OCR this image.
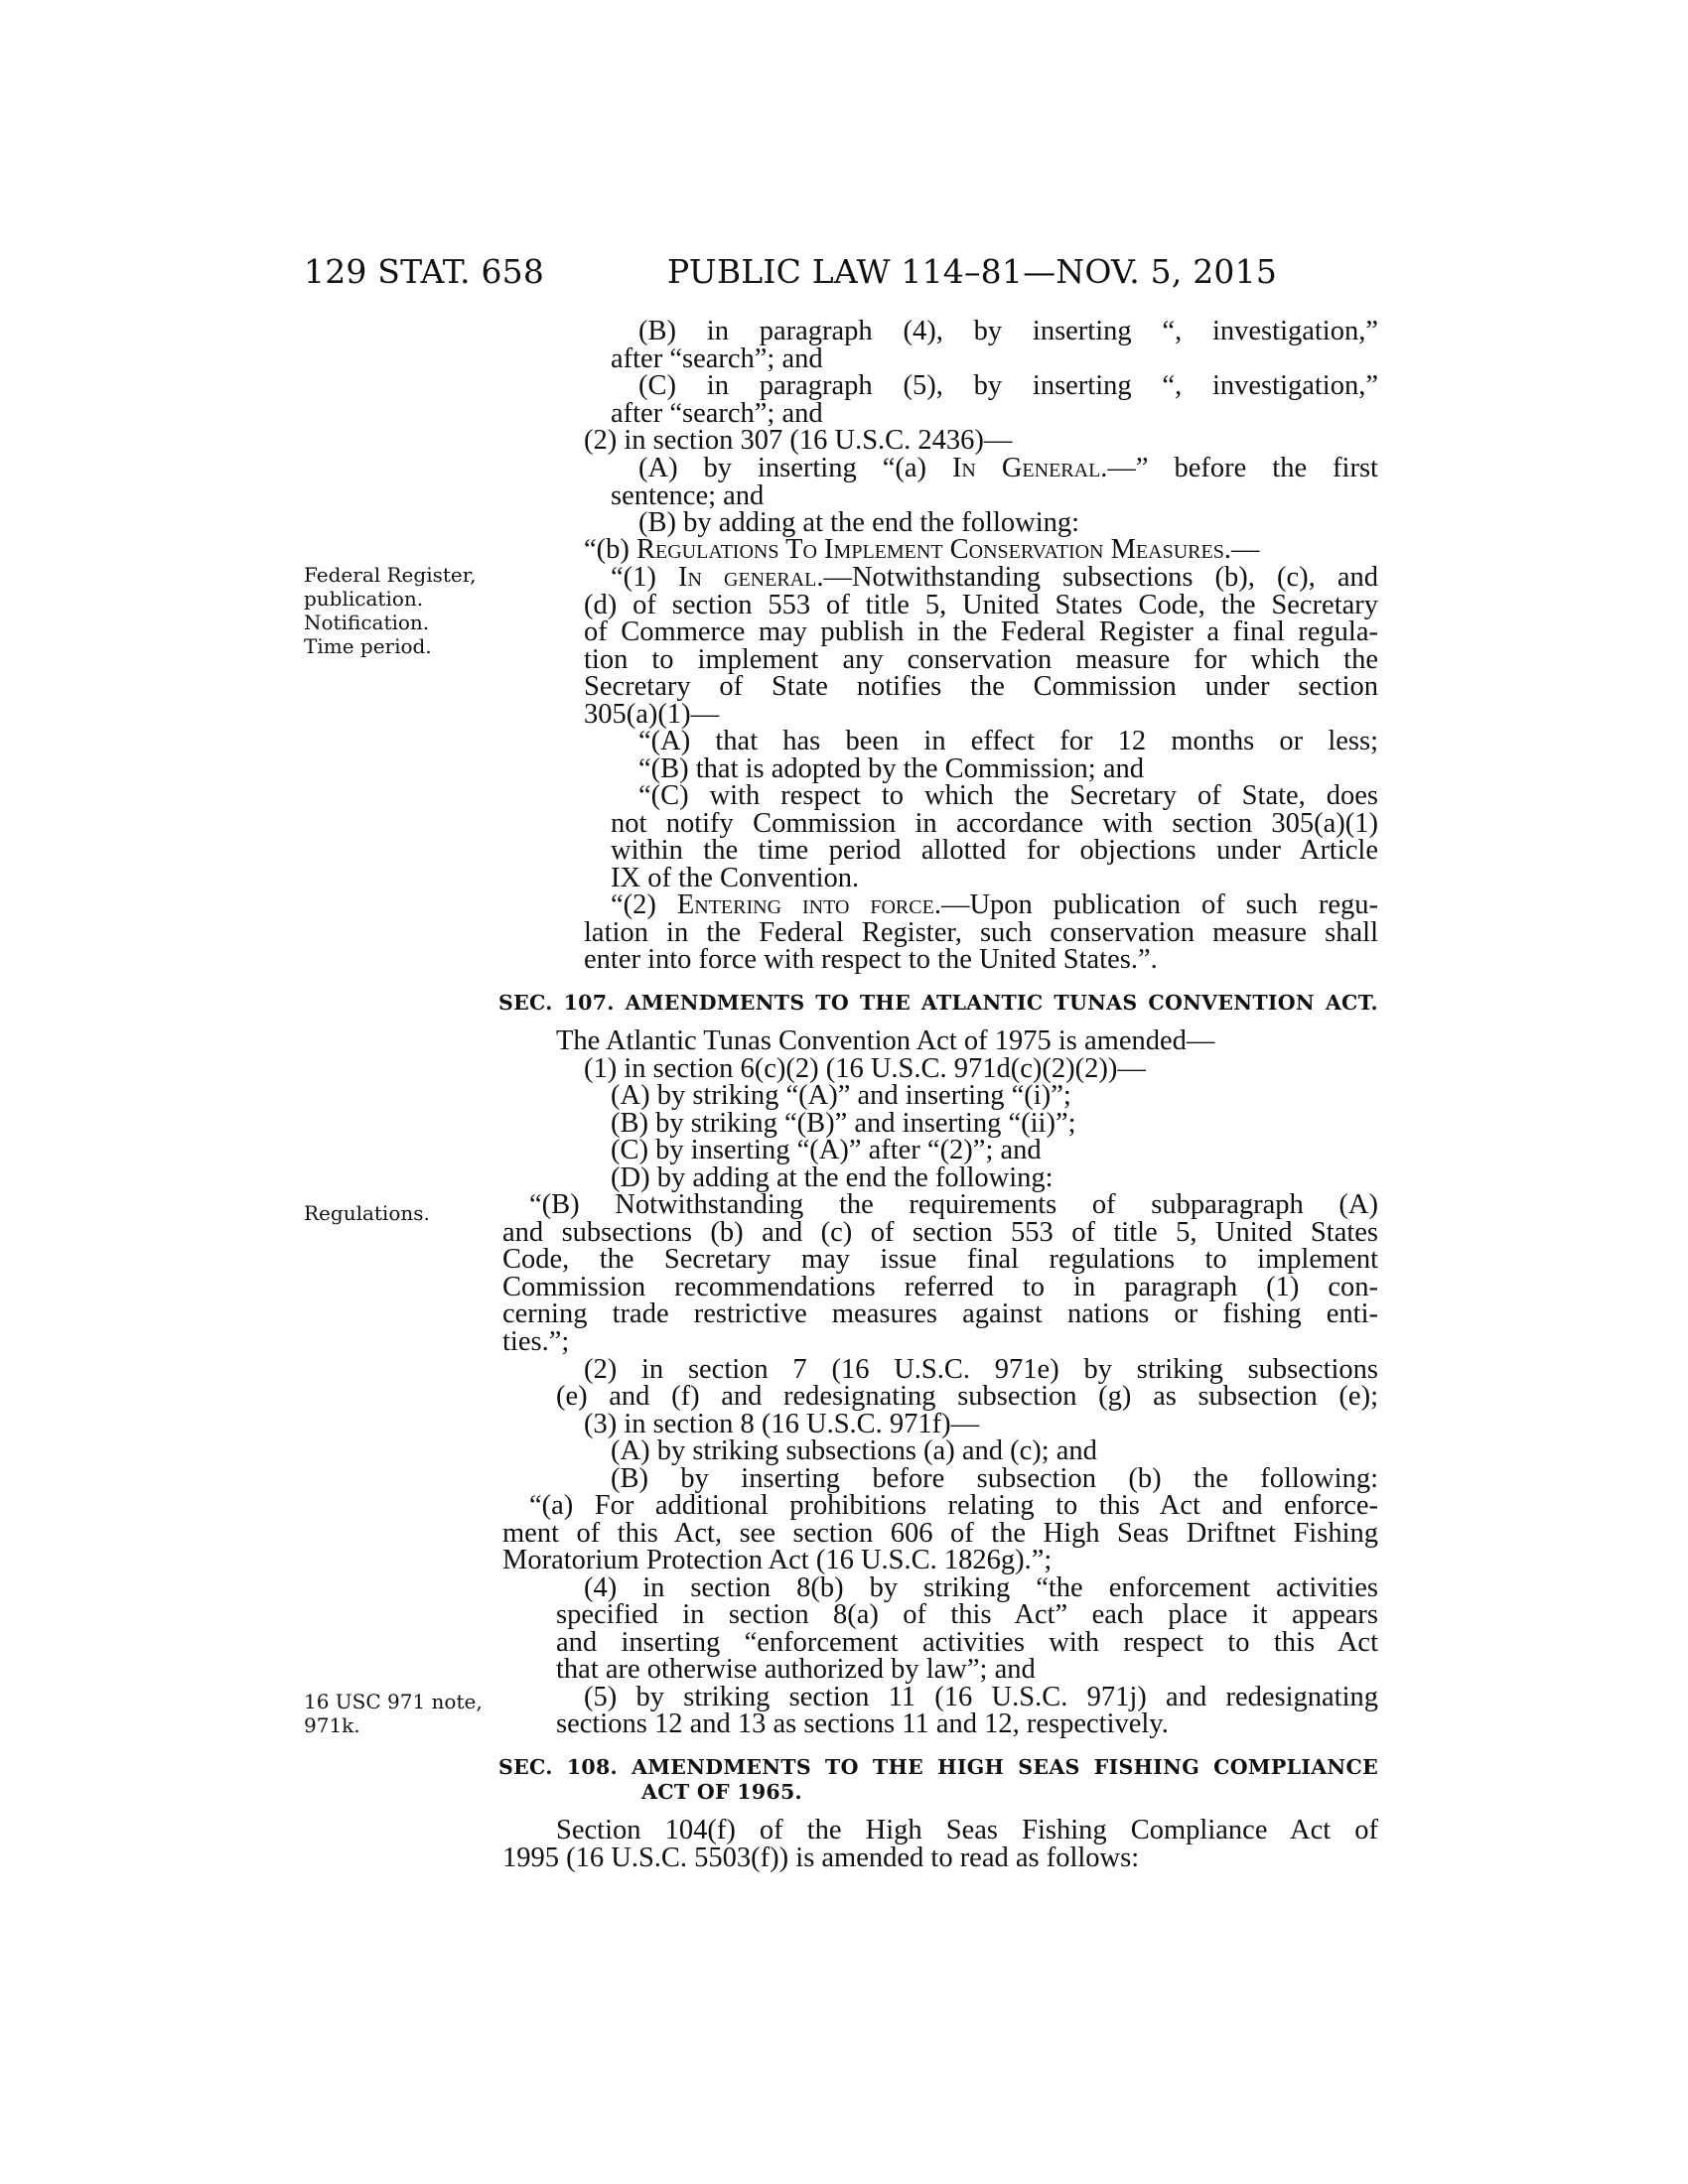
129 STAT. 658	PUBLIC LAW 114–81—NOV. 5, 2015
Federal Register,
publication.
Notification.
Time period.
Regulations.
16 USC 971 note,
971k.
(B) in paragraph (4), by inserting “, investigation,”
after “search”; and
(C) in paragraph (5), by inserting “, investigation,”
after “search”; and
(2) in section 307 (16 U.S.C. 2436)—
(A) by inserting “(a) In General.—” before the first
sentence; and
(B) by adding at the end the following:
“(b) Regulations To Implement Conservation Measures.—
“(1) In general.—Notwithstanding subsections (b), (c), and
(d) of section 553 of title 5, United States Code, the Secretary
of Commerce may publish in the Federal Register a final regula-
tion to implement any conservation measure for which the
Secretary of State notifies the Commission under section
305(a)(1)—
“(A) that has been in effect for 12 months or less;
“(B) that is adopted by the Commission; and
“(C) with respect to which the Secretary of State, does
not notify Commission in accordance with section 305(a)(1)
within the time period allotted for objections under Article
IX of the Convention.
“(2) Entering into force.—Upon publication of such regu-
lation in the Federal Register, such conservation measure shall
enter into force with respect to the United States.”.
SEC. 107. AMENDMENTS TO THE ATLANTIC TUNAS CONVENTION ACT.
The Atlantic Tunas Convention Act of 1975 is amended—
(1) in section 6(c)(2) (16 U.S.C. 971d(c)(2)(2))—
(A) by striking “(A)” and inserting “(i)”;
(B) by striking “(B)” and inserting “(ii)”;
(C) by inserting “(A)” after “(2)”; and
(D) by adding at the end the following:
“(B) Notwithstanding the requirements of subparagraph (A)
and subsections (b) and (c) of section 553 of title 5, United States
Code, the Secretary may issue final regulations to implement
Commission recommendations referred to in paragraph (1) con-
cerning trade restrictive measures against nations or fishing enti-
ties.”;
(2) in section 7 (16 U.S.C. 971e) by striking subsections
(e) and (f) and redesignating subsection (g) as subsection (e);
(3) in section 8 (16 U.S.C. 971f)—
(A) by striking subsections (a) and (c); and
(B) by inserting before subsection (b) the following:
“(a) For additional prohibitions relating to this Act and enforce-
ment of this Act, see section 606 of the High Seas Driftnet Fishing
Moratorium Protection Act (16 U.S.C. 1826g).”;
(4) in section 8(b) by striking “the enforcement activities
specified in section 8(a) of this Act” each place it appears
and inserting “enforcement activities with respect to this Act
that are otherwise authorized by law”; and
(5) by striking section 11 (16 U.S.C. 971j) and redesignating
sections 12 and 13 as sections 11 and 12, respectively.
SEC. 108. AMENDMENTS TO THE HIGH SEAS FISHING COMPLIANCE
ACT OF 1965.
Section 104(f) of the High Seas Fishing Compliance Act of
1995 (16 U.S.C. 5503(f)) is amended to read as follows:
